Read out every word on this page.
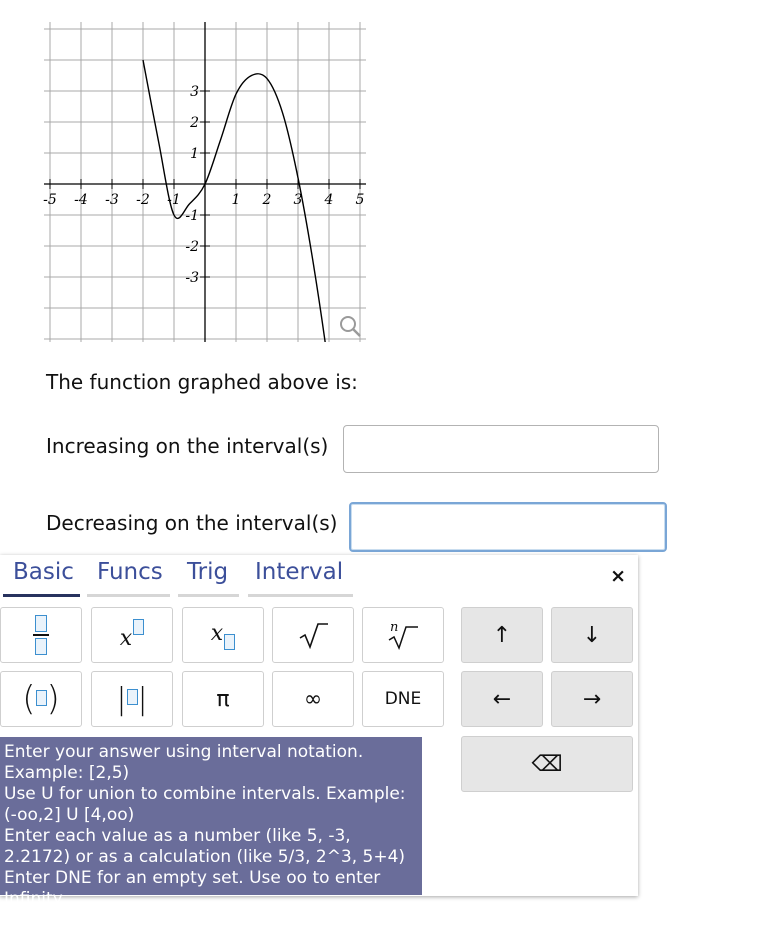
-5 -4 -3 -2 -1	1 2 3 4 5
3
2
1
-1
-2
-3
The function graphed above is:
Increasing on the interval(s)
Decreasing on the interval(s)
Basic Funcs Trig Interval	×
x	x	n	↑	↓
( ) | |	π	∞	DNE	←	→
⌫
Enter your answer using interval notation. Example: [2,5)
Use U for union to combine intervals. Example: (-oo,2] U [4,oo)
Enter each value as a number (like 5, -3, 2.2172) or as a calculation (like 5/3, 2^3, 5+4)
Enter DNE for an empty set. Use oo to enter Infinity.
